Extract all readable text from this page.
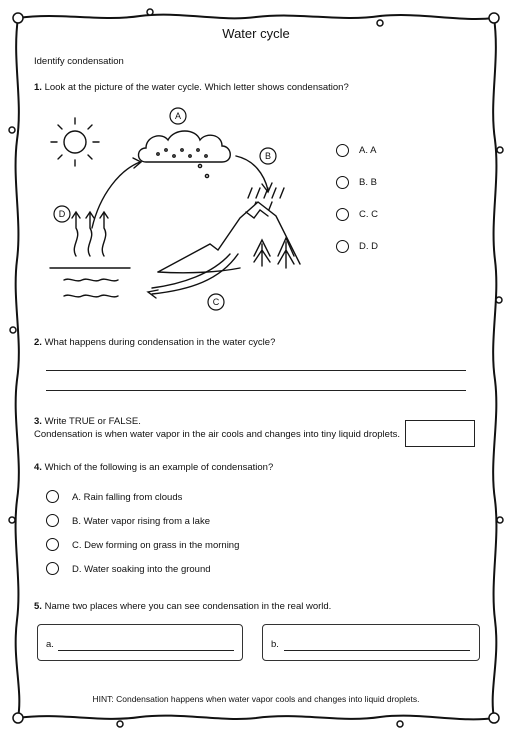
Water cycle
Identify condensation
1. Look at the picture of the water cycle. Which letter shows condensation?
A
B
C
D
A. A
B. B
C. C
D. D
2. What happens during condensation in the water cycle?
3. Write TRUE or FALSE.
Condensation is when water vapor in the air cools and changes into tiny liquid droplets.
4. Which of the following is an example of condensation?
A. Rain falling from clouds
B. Water vapor rising from a lake
C. Dew forming on grass in the morning
D. Water soaking into the ground
5. Name two places where you can see condensation in the real world.
a.	b.
HINT: Condensation happens when water vapor cools and changes into liquid droplets.
